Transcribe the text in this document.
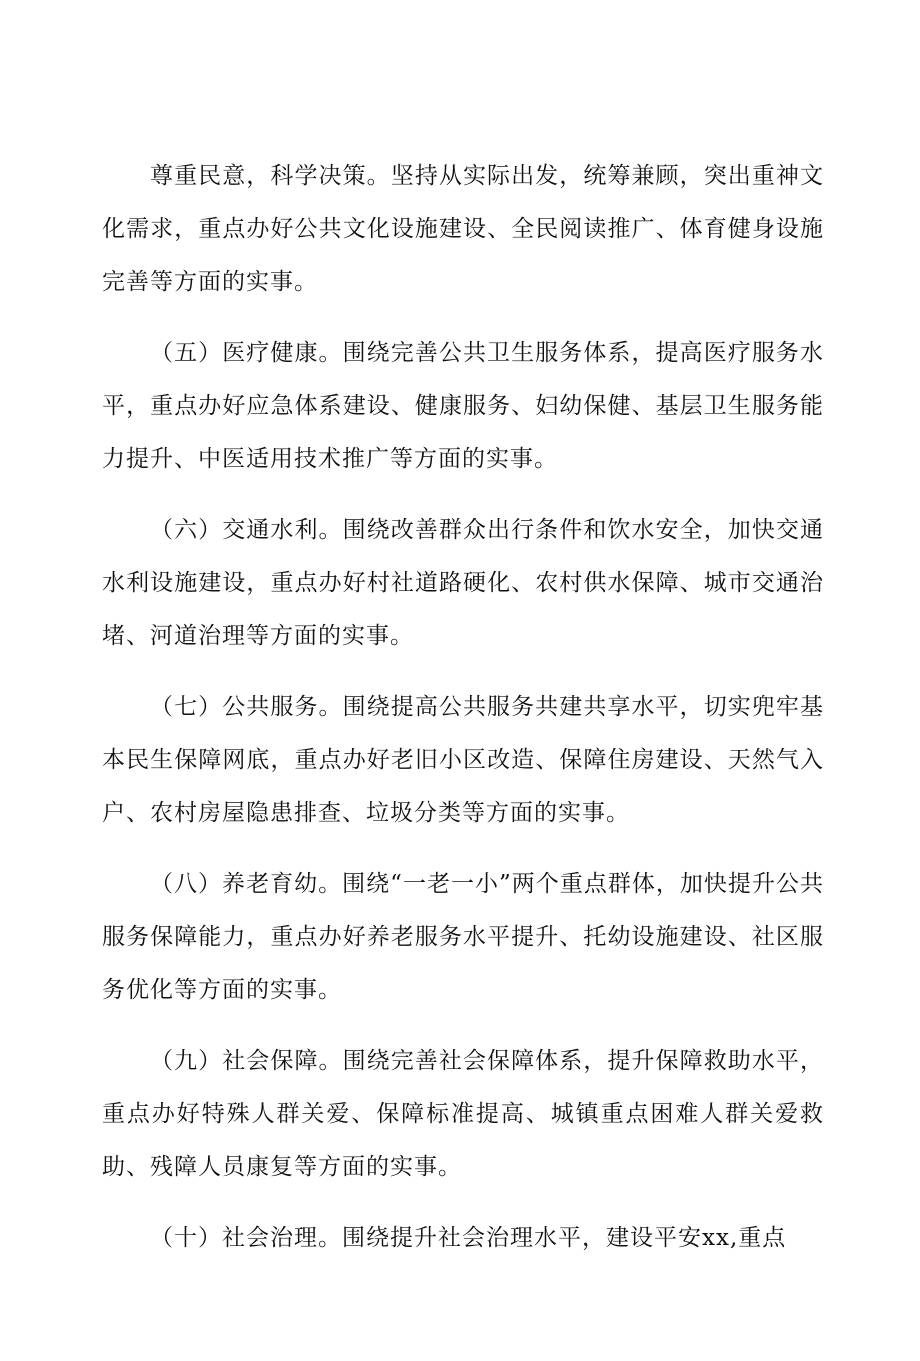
尊重民意，科学决策。坚持从实际出发，统筹兼顾，突出重神文化需求，重点办好公共文化设施建设、全民阅读推广、体育健身设施完善等方面的实事。

（五）医疗健康。围绕完善公共卫生服务体系，提高医疗服务水平，重点办好应急体系建设、健康服务、妇幼保健、基层卫生服务能力提升、中医适用技术推广等方面的实事。

（六）交通水利。围绕改善群众出行条件和饮水安全，加快交通水利设施建设，重点办好村社道路硬化、农村供水保障、城市交通治堵、河道治理等方面的实事。

（七）公共服务。围绕提高公共服务共建共享水平，切实兜牢基本民生保障网底，重点办好老旧小区改造、保障住房建设、天然气入户、农村房屋隐患排查、垃圾分类等方面的实事。

（八）养老育幼。围绕“一老一小”两个重点群体，加快提升公共服务保障能力，重点办好养老服务水平提升、托幼设施建设、社区服务优化等方面的实事。

（九）社会保障。围绕完善社会保障体系，提升保障救助水平，重点办好特殊人群关爱、保障标准提高、城镇重点困难人群关爱救助、残障人员康复等方面的实事。

（十）社会治理。围绕提升社会治理水平，建设平安xx,重点
